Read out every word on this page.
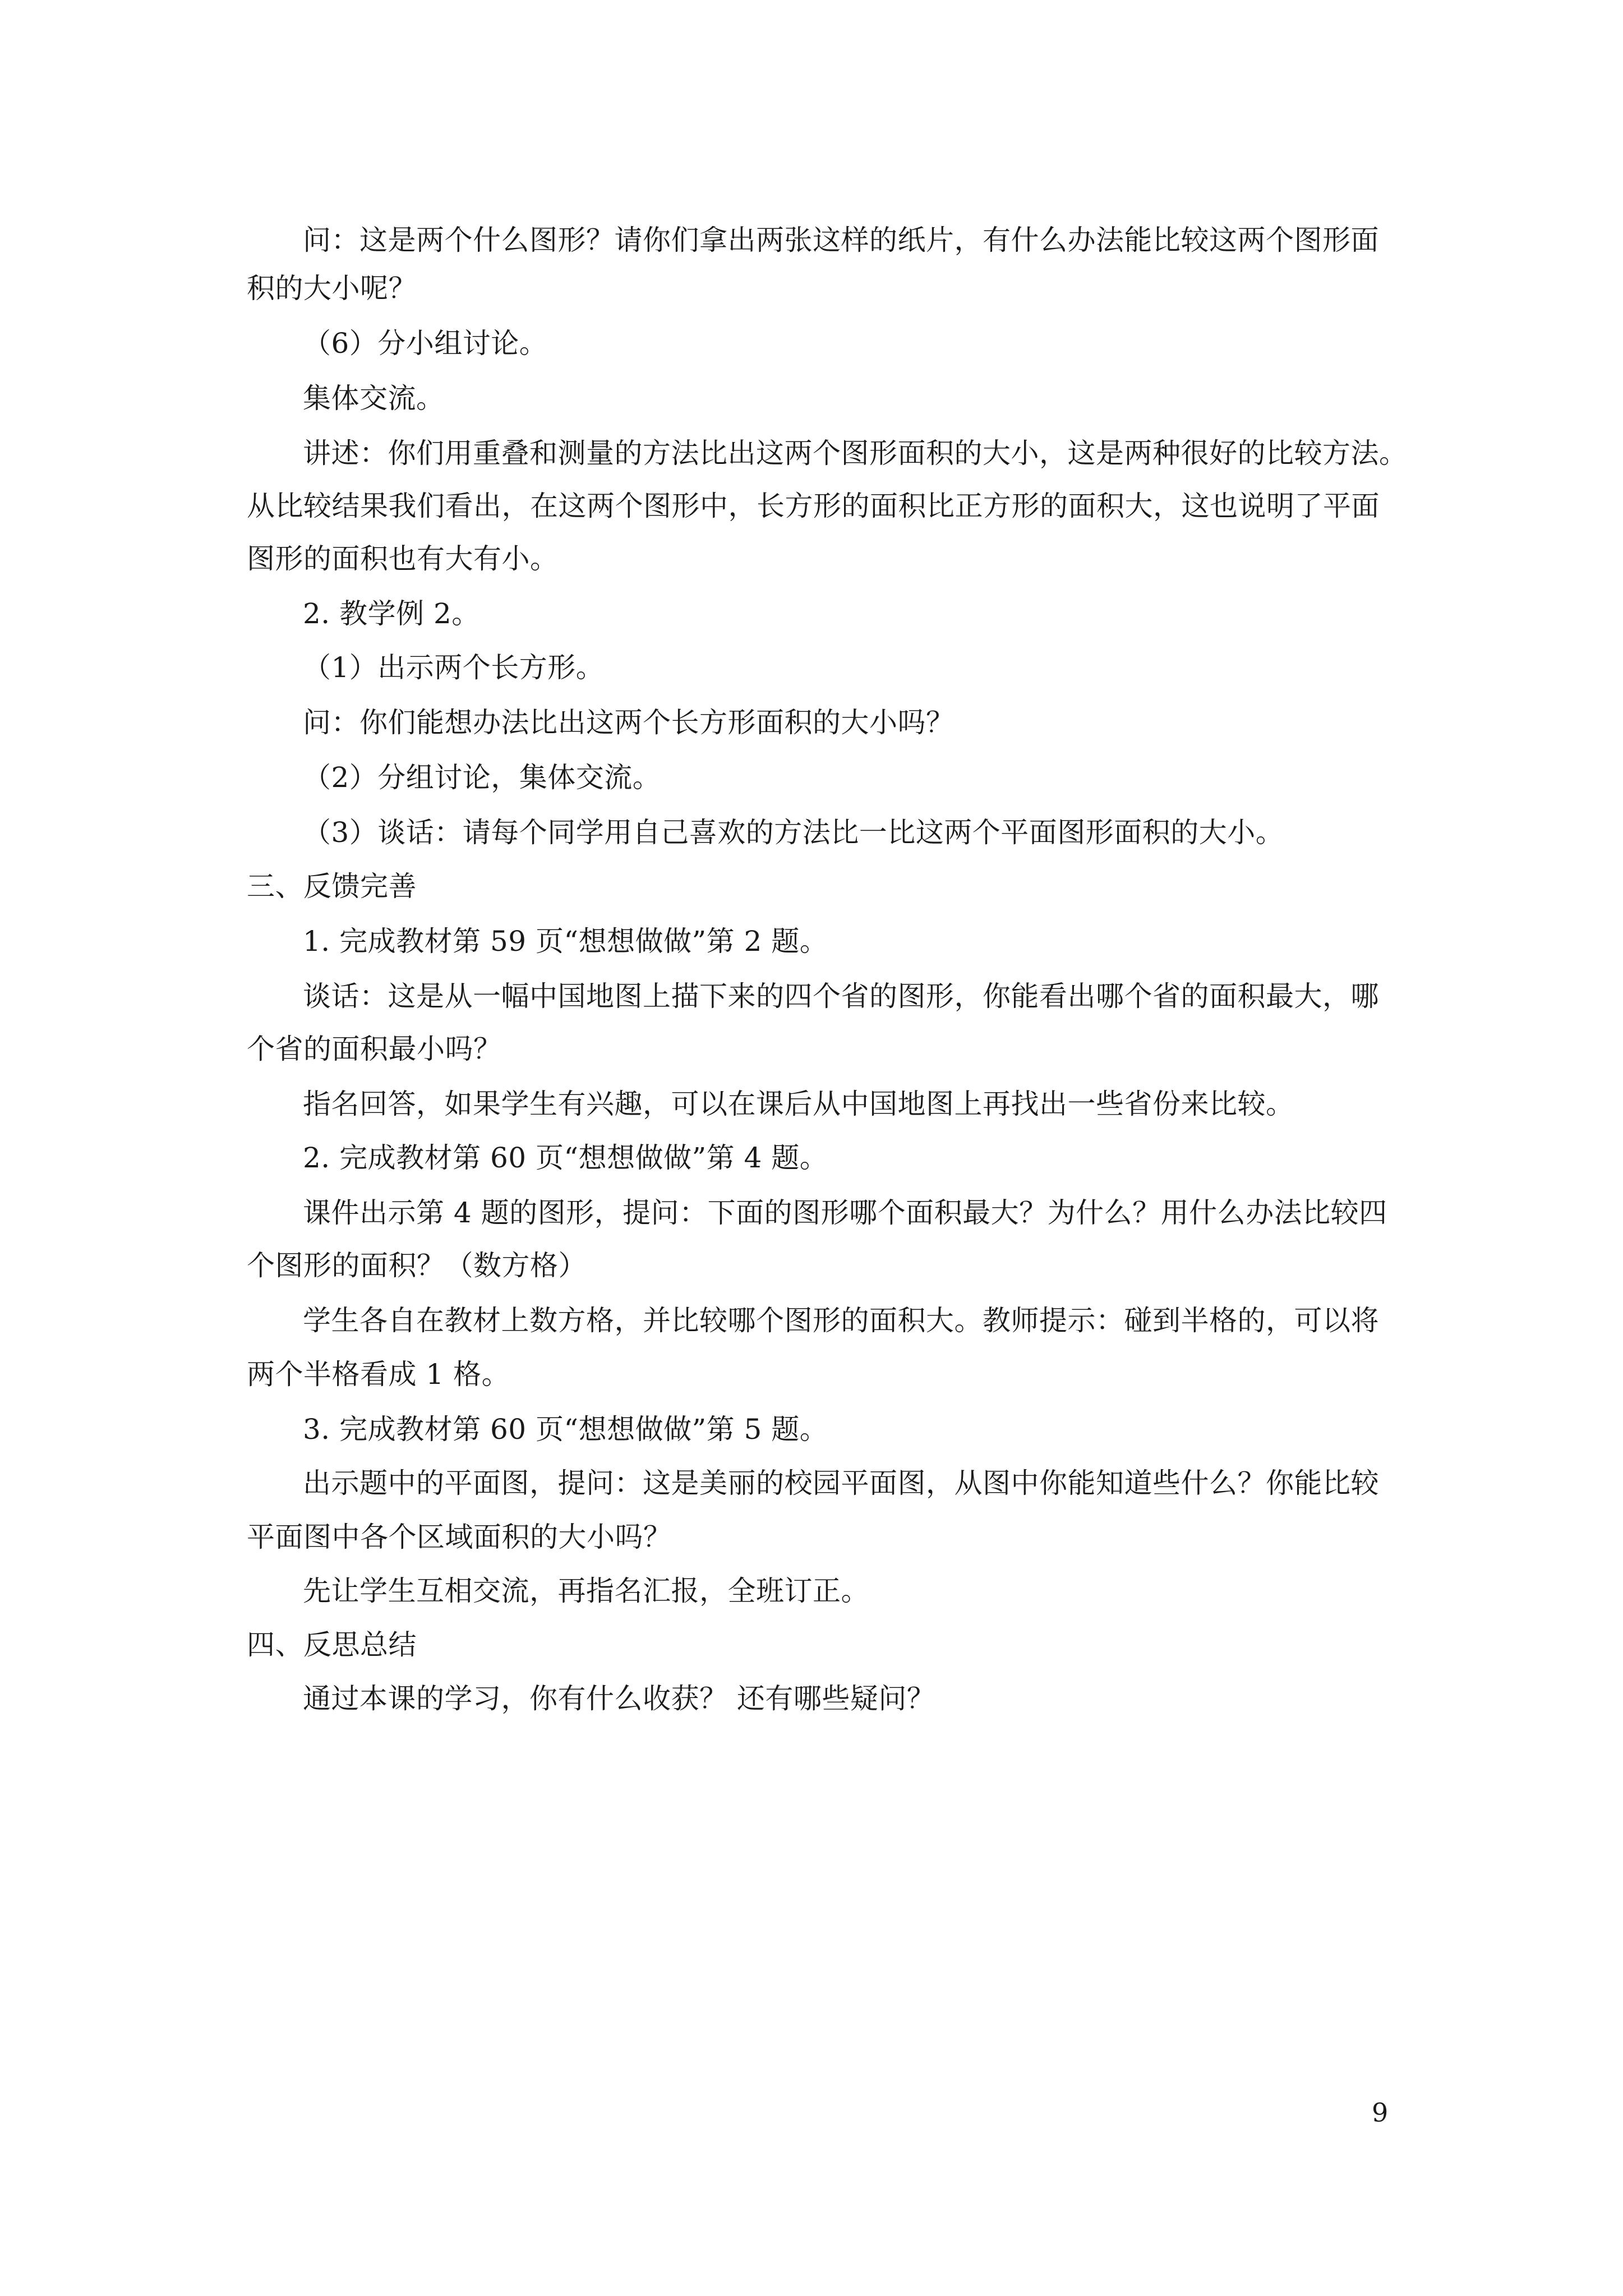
问：这是两个什么图形？请你们拿出两张这样的纸片，有什么办法能比较这两个图形面
积的大小呢？
（6）分小组讨论。
集体交流。
讲述：你们用重叠和测量的方法比出这两个图形面积的大小，这是两种很好的比较方法。
从比较结果我们看出，在这两个图形中，长方形的面积比正方形的面积大，这也说明了平面
图形的面积也有大有小。
2. 教学例 2。
（1）出示两个长方形。
问：你们能想办法比出这两个长方形面积的大小吗？
（2）分组讨论，集体交流。
（3）谈话：请每个同学用自己喜欢的方法比一比这两个平面图形面积的大小。
三、反馈完善
1. 完成教材第 59 页“想想做做”第 2 题。
谈话：这是从一幅中国地图上描下来的四个省的图形，你能看出哪个省的面积最大，哪
个省的面积最小吗？
指名回答，如果学生有兴趣，可以在课后从中国地图上再找出一些省份来比较。
2. 完成教材第 60 页“想想做做”第 4 题。
课件出示第 4 题的图形，提问：下面的图形哪个面积最大？为什么？用什么办法比较四
个图形的面积？（数方格）
学生各自在教材上数方格，并比较哪个图形的面积大。教师提示：碰到半格的，可以将
两个半格看成 1 格。
3. 完成教材第 60 页“想想做做”第 5 题。
出示题中的平面图，提问：这是美丽的校园平面图，从图中你能知道些什么？你能比较
平面图中各个区域面积的大小吗？
先让学生互相交流，再指名汇报，全班订正。
四、反思总结
通过本课的学习，你有什么收获？ 还有哪些疑问？
9
